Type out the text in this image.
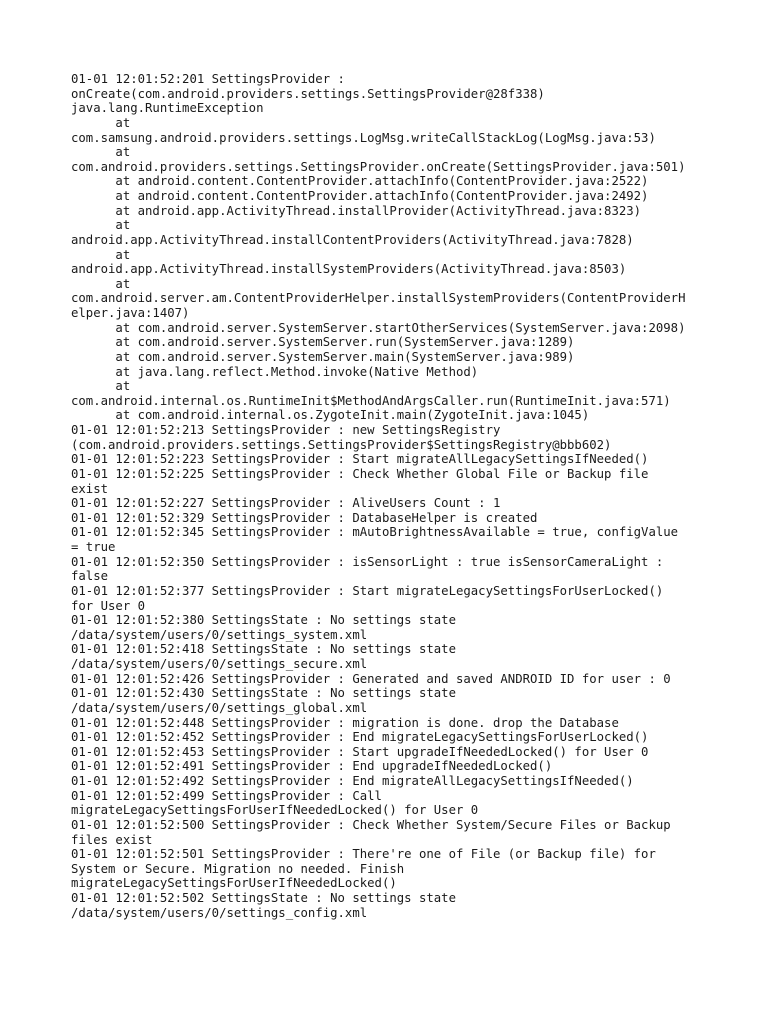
01-01 12:01:52:201 SettingsProvider :
onCreate(com.android.providers.settings.SettingsProvider@28f338)
java.lang.RuntimeException
at
com.samsung.android.providers.settings.LogMsg.writeCallStackLog(LogMsg.java:53)
at
com.android.providers.settings.SettingsProvider.onCreate(SettingsProvider.java:501)
at android.content.ContentProvider.attachInfo(ContentProvider.java:2522)
at android.content.ContentProvider.attachInfo(ContentProvider.java:2492)
at android.app.ActivityThread.installProvider(ActivityThread.java:8323)
at
android.app.ActivityThread.installContentProviders(ActivityThread.java:7828)
at
android.app.ActivityThread.installSystemProviders(ActivityThread.java:8503)
at
com.android.server.am.ContentProviderHelper.installSystemProviders(ContentProviderH
elper.java:1407)
at com.android.server.SystemServer.startOtherServices(SystemServer.java:2098)
at com.android.server.SystemServer.run(SystemServer.java:1289)
at com.android.server.SystemServer.main(SystemServer.java:989)
at java.lang.reflect.Method.invoke(Native Method)
at
com.android.internal.os.RuntimeInit$MethodAndArgsCaller.run(RuntimeInit.java:571)
at com.android.internal.os.ZygoteInit.main(ZygoteInit.java:1045)
01-01 12:01:52:213 SettingsProvider : new SettingsRegistry
(com.android.providers.settings.SettingsProvider$SettingsRegistry@bbb602)
01-01 12:01:52:223 SettingsProvider : Start migrateAllLegacySettingsIfNeeded()
01-01 12:01:52:225 SettingsProvider : Check Whether Global File or Backup file
exist
01-01 12:01:52:227 SettingsProvider : AliveUsers Count : 1
01-01 12:01:52:329 SettingsProvider : DatabaseHelper is created
01-01 12:01:52:345 SettingsProvider : mAutoBrightnessAvailable = true, configValue
= true
01-01 12:01:52:350 SettingsProvider : isSensorLight : true isSensorCameraLight :
false
01-01 12:01:52:377 SettingsProvider : Start migrateLegacySettingsForUserLocked()
for User 0
01-01 12:01:52:380 SettingsState : No settings state
/data/system/users/0/settings_system.xml
01-01 12:01:52:418 SettingsState : No settings state
/data/system/users/0/settings_secure.xml
01-01 12:01:52:426 SettingsProvider : Generated and saved ANDROID ID for user : 0
01-01 12:01:52:430 SettingsState : No settings state
/data/system/users/0/settings_global.xml
01-01 12:01:52:448 SettingsProvider : migration is done. drop the Database
01-01 12:01:52:452 SettingsProvider : End migrateLegacySettingsForUserLocked()
01-01 12:01:52:453 SettingsProvider : Start upgradeIfNeededLocked() for User 0
01-01 12:01:52:491 SettingsProvider : End upgradeIfNeededLocked()
01-01 12:01:52:492 SettingsProvider : End migrateAllLegacySettingsIfNeeded()
01-01 12:01:52:499 SettingsProvider : Call
migrateLegacySettingsForUserIfNeededLocked() for User 0
01-01 12:01:52:500 SettingsProvider : Check Whether System/Secure Files or Backup
files exist
01-01 12:01:52:501 SettingsProvider : There're one of File (or Backup file) for
System or Secure. Migration no needed. Finish
migrateLegacySettingsForUserIfNeededLocked()
01-01 12:01:52:502 SettingsState : No settings state
/data/system/users/0/settings_config.xml
